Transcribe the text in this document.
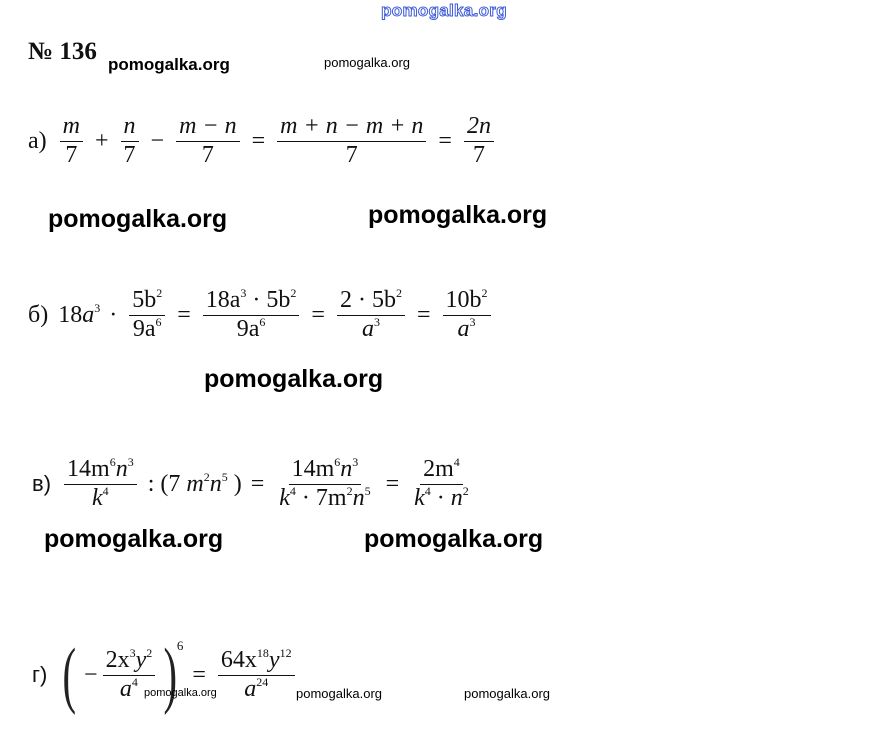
pomogalka.org
№ 136 pomogalka.org	pomogalka.org
$а) \frac{m}{7} + \frac{n}{7} - \frac{m - n}{7} = \frac{m + n - m + n}{7} = \frac{2n}{7}$
pomogalka.org	pomogalka.org
б) $18a^3 \cdot \frac{5b^2}{9a^6} = \frac{18a^3 \cdot 5b^2}{9a^6} = \frac{2 \cdot 5b^2}{a^3} = \frac{10b^2}{a^3}$
pomogalka.org
$в) \frac{14m^6n^3}{k^4}$ : (7 $m^2n^5$ ) = $\frac{14m^6n^3}{k^4 \cdot 7m^2n^5} = \frac{2m^4}{k^4 \cdot n^2}$
pomogalka.org	pomogalka.org
г) ( − $\frac{2x^3y^2}{a^4}$ ) 6
= $\frac{64x^{18}y^{12}}{a^{24}}$
pomogalka.org	pomogalka.org	pomogalka.org
